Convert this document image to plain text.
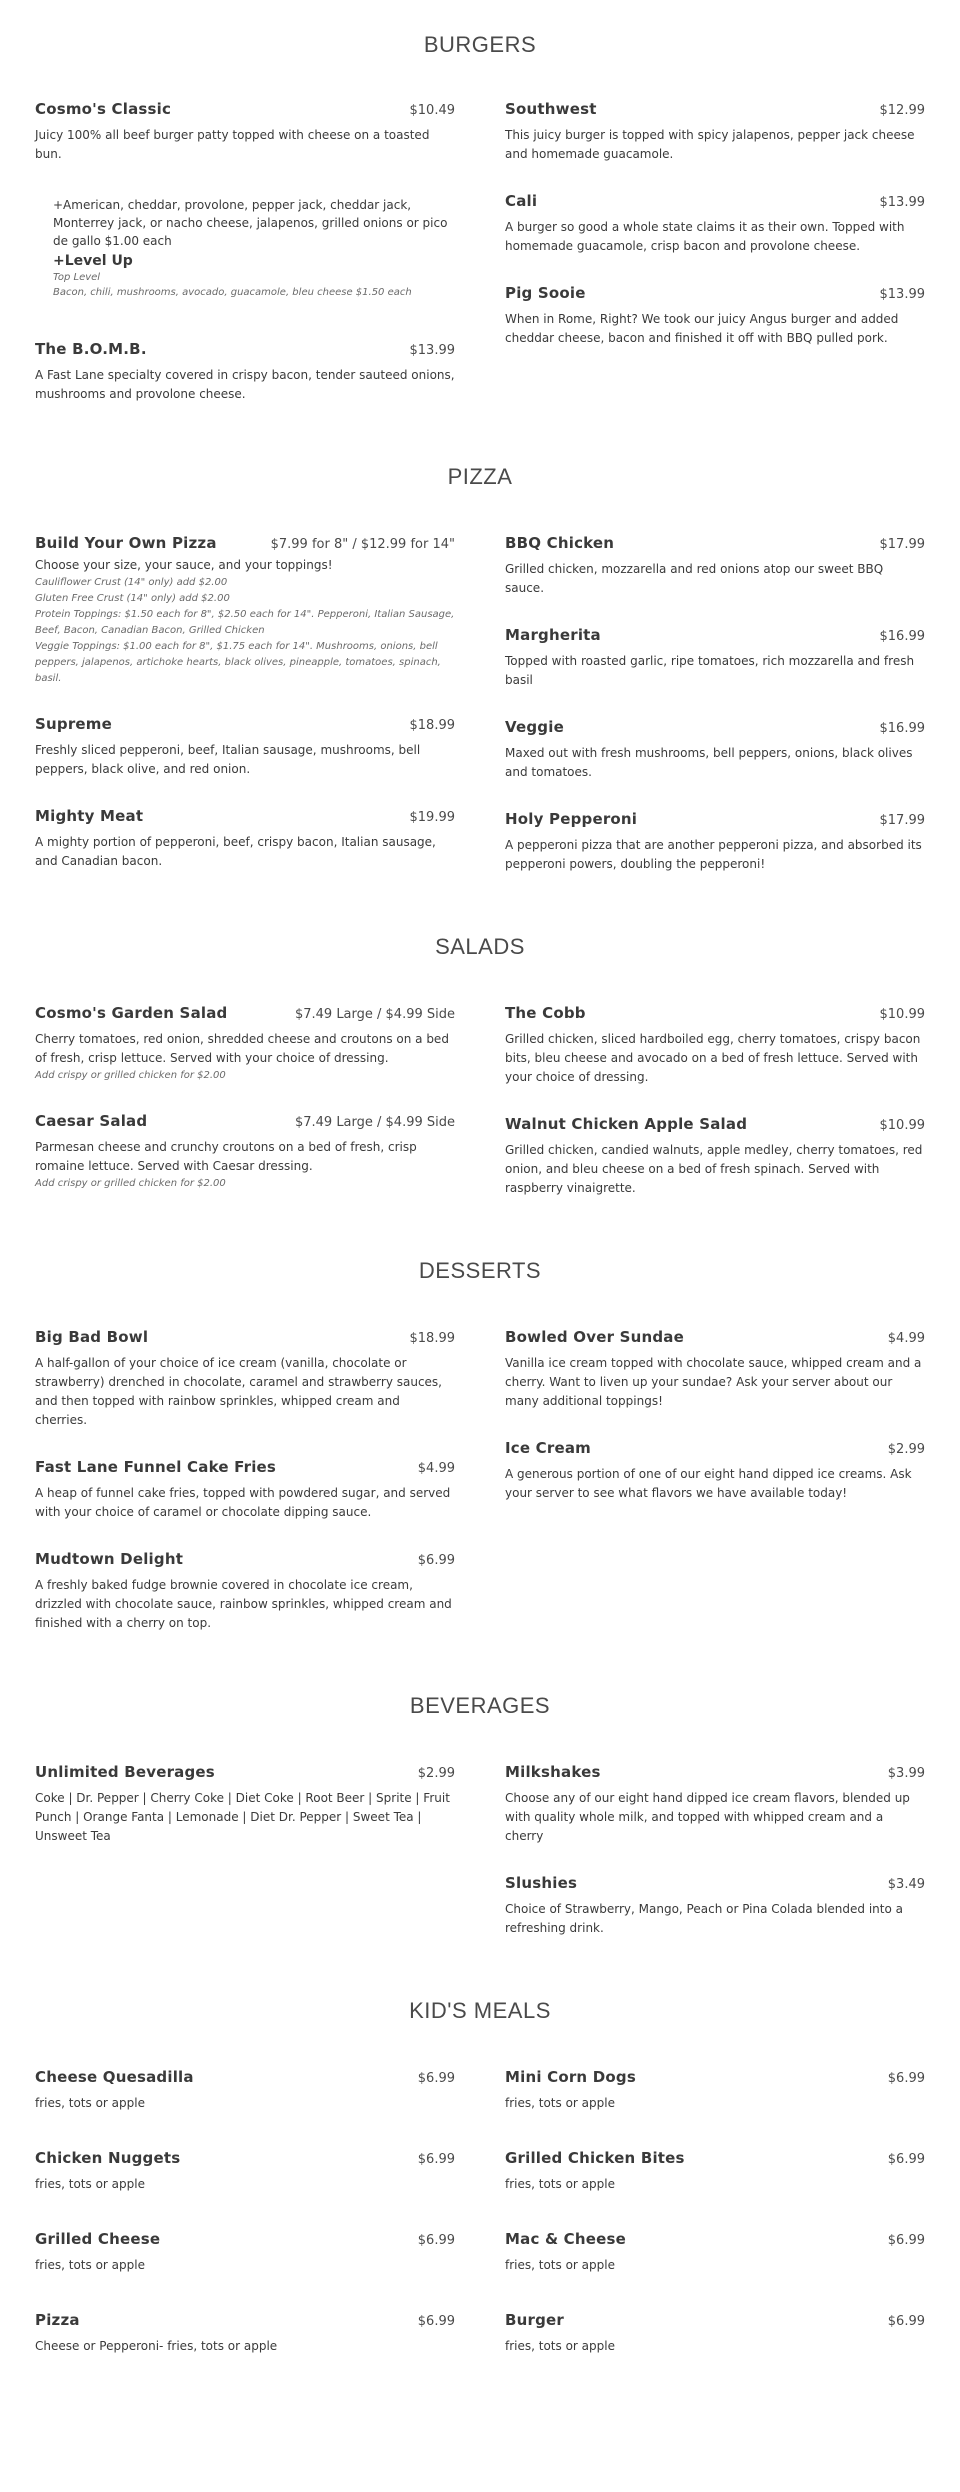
BURGERS
Cosmo's Classic	$10.49
Juicy 100% all beef burger patty topped with cheese on a toasted bun.
+American, cheddar, provolone, pepper jack, cheddar jack, Monterrey jack, or nacho cheese, jalapenos, grilled onions or pico de gallo $1.00 each
+Level Up
Top Level
Bacon, chili, mushrooms, avocado, guacamole, bleu cheese $1.50 each
The B.O.M.B.	$13.99
A Fast Lane specialty covered in crispy bacon, tender sauteed onions, mushrooms and provolone cheese.
Southwest	$12.99
This juicy burger is topped with spicy jalapenos, pepper jack cheese and homemade guacamole.
Cali	$13.99
A burger so good a whole state claims it as their own. Topped with homemade guacamole, crisp bacon and provolone cheese.
Pig Sooie	$13.99
When in Rome, Right? We took our juicy Angus burger and added cheddar cheese, bacon and finished it off with BBQ pulled pork.
PIZZA
Build Your Own Pizza	$7.99 for 8" / $12.99 for 14"
Choose your size, your sauce, and your toppings!
Cauliflower Crust (14" only) add $2.00
Gluten Free Crust (14" only) add $2.00
Protein Toppings: $1.50 each for 8", $2.50 each for 14". Pepperoni, Italian Sausage, Beef, Bacon, Canadian Bacon, Grilled Chicken
Veggie Toppings: $1.00 each for 8", $1.75 each for 14". Mushrooms, onions, bell peppers, jalapenos, artichoke hearts, black olives, pineapple, tomatoes, spinach, basil.
Supreme	$18.99
Freshly sliced pepperoni, beef, Italian sausage, mushrooms, bell peppers, black olive, and red onion.
Mighty Meat	$19.99
A mighty portion of pepperoni, beef, crispy bacon, Italian sausage, and Canadian bacon.
BBQ Chicken	$17.99
Grilled chicken, mozzarella and red onions atop our sweet BBQ sauce.
Margherita	$16.99
Topped with roasted garlic, ripe tomatoes, rich mozzarella and fresh basil
Veggie	$16.99
Maxed out with fresh mushrooms, bell peppers, onions, black olives and tomatoes.
Holy Pepperoni	$17.99
A pepperoni pizza that are another pepperoni pizza, and absorbed its pepperoni powers, doubling the pepperoni!
SALADS
Cosmo's Garden Salad	$7.49 Large / $4.99 Side
Cherry tomatoes, red onion, shredded cheese and croutons on a bed of fresh, crisp lettuce. Served with your choice of dressing.
Add crispy or grilled chicken for $2.00
Caesar Salad	$7.49 Large / $4.99 Side
Parmesan cheese and crunchy croutons on a bed of fresh, crisp romaine lettuce. Served with Caesar dressing.
Add crispy or grilled chicken for $2.00
The Cobb	$10.99
Grilled chicken, sliced hardboiled egg, cherry tomatoes, crispy bacon bits, bleu cheese and avocado on a bed of fresh lettuce. Served with your choice of dressing.
Walnut Chicken Apple Salad	$10.99
Grilled chicken, candied walnuts, apple medley, cherry tomatoes, red onion, and bleu cheese on a bed of fresh spinach. Served with raspberry vinaigrette.
DESSERTS
Big Bad Bowl	$18.99
A half-gallon of your choice of ice cream (vanilla, chocolate or strawberry) drenched in chocolate, caramel and strawberry sauces, and then topped with rainbow sprinkles, whipped cream and cherries.
Fast Lane Funnel Cake Fries	$4.99
A heap of funnel cake fries, topped with powdered sugar, and served with your choice of caramel or chocolate dipping sauce.
Mudtown Delight	$6.99
A freshly baked fudge brownie covered in chocolate ice cream, drizzled with chocolate sauce, rainbow sprinkles, whipped cream and finished with a cherry on top.
Bowled Over Sundae	$4.99
Vanilla ice cream topped with chocolate sauce, whipped cream and a cherry. Want to liven up your sundae? Ask your server about our many additional toppings!
Ice Cream	$2.99
A generous portion of one of our eight hand dipped ice creams. Ask your server to see what flavors we have available today!
BEVERAGES
Unlimited Beverages	$2.99
Coke | Dr. Pepper | Cherry Coke | Diet Coke | Root Beer | Sprite | Fruit Punch | Orange Fanta | Lemonade | Diet Dr. Pepper | Sweet Tea | Unsweet Tea
Milkshakes	$3.99
Choose any of our eight hand dipped ice cream flavors, blended up with quality whole milk, and topped with whipped cream and a cherry
Slushies	$3.49
Choice of Strawberry, Mango, Peach or Pina Colada blended into a refreshing drink.
KID'S MEALS
Cheese Quesadilla	$6.99
fries, tots or apple
Chicken Nuggets	$6.99
fries, tots or apple
Grilled Cheese	$6.99
fries, tots or apple
Pizza	$6.99
Cheese or Pepperoni- fries, tots or apple
Mini Corn Dogs	$6.99
fries, tots or apple
Grilled Chicken Bites	$6.99
fries, tots or apple
Mac & Cheese	$6.99
fries, tots or apple
Burger	$6.99
fries, tots or apple
